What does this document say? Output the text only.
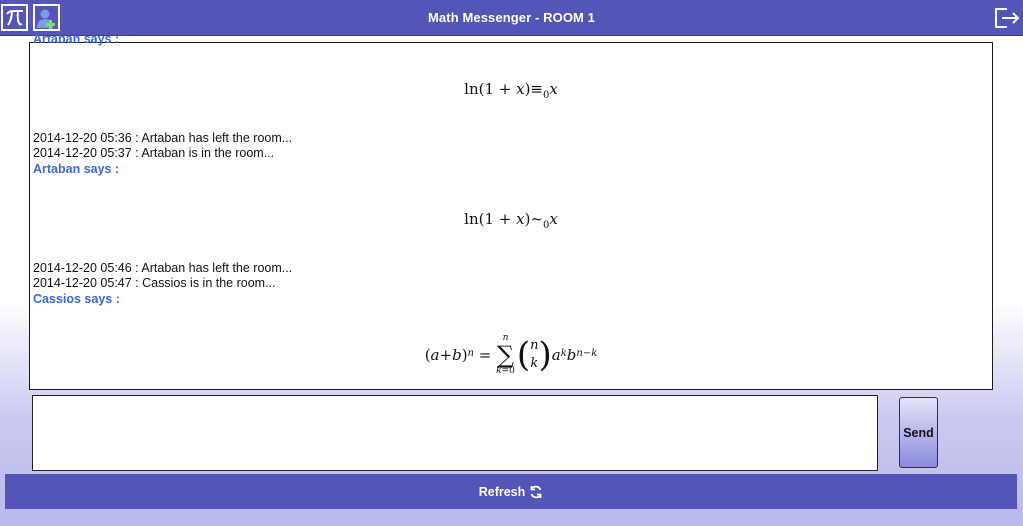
Math Messenger - ROOM 1
Artaban says :
$\ln(1 + x)\equiv_0x$
2014-12-20 05:36 : Artaban has left the room...
2014-12-20 05:37 : Artaban is in the room...
Artaban says :
$\ln(1 + x)\sim_0x$
2014-12-20 05:46 : Artaban has left the room...
2014-12-20 05:47 : Cassios is in the room...
Cassios says :
( a + b ) $^n$ =
n
∑
k=0 ( n
k ) a $^k$ b $^{n-k}$
Send
Refresh
